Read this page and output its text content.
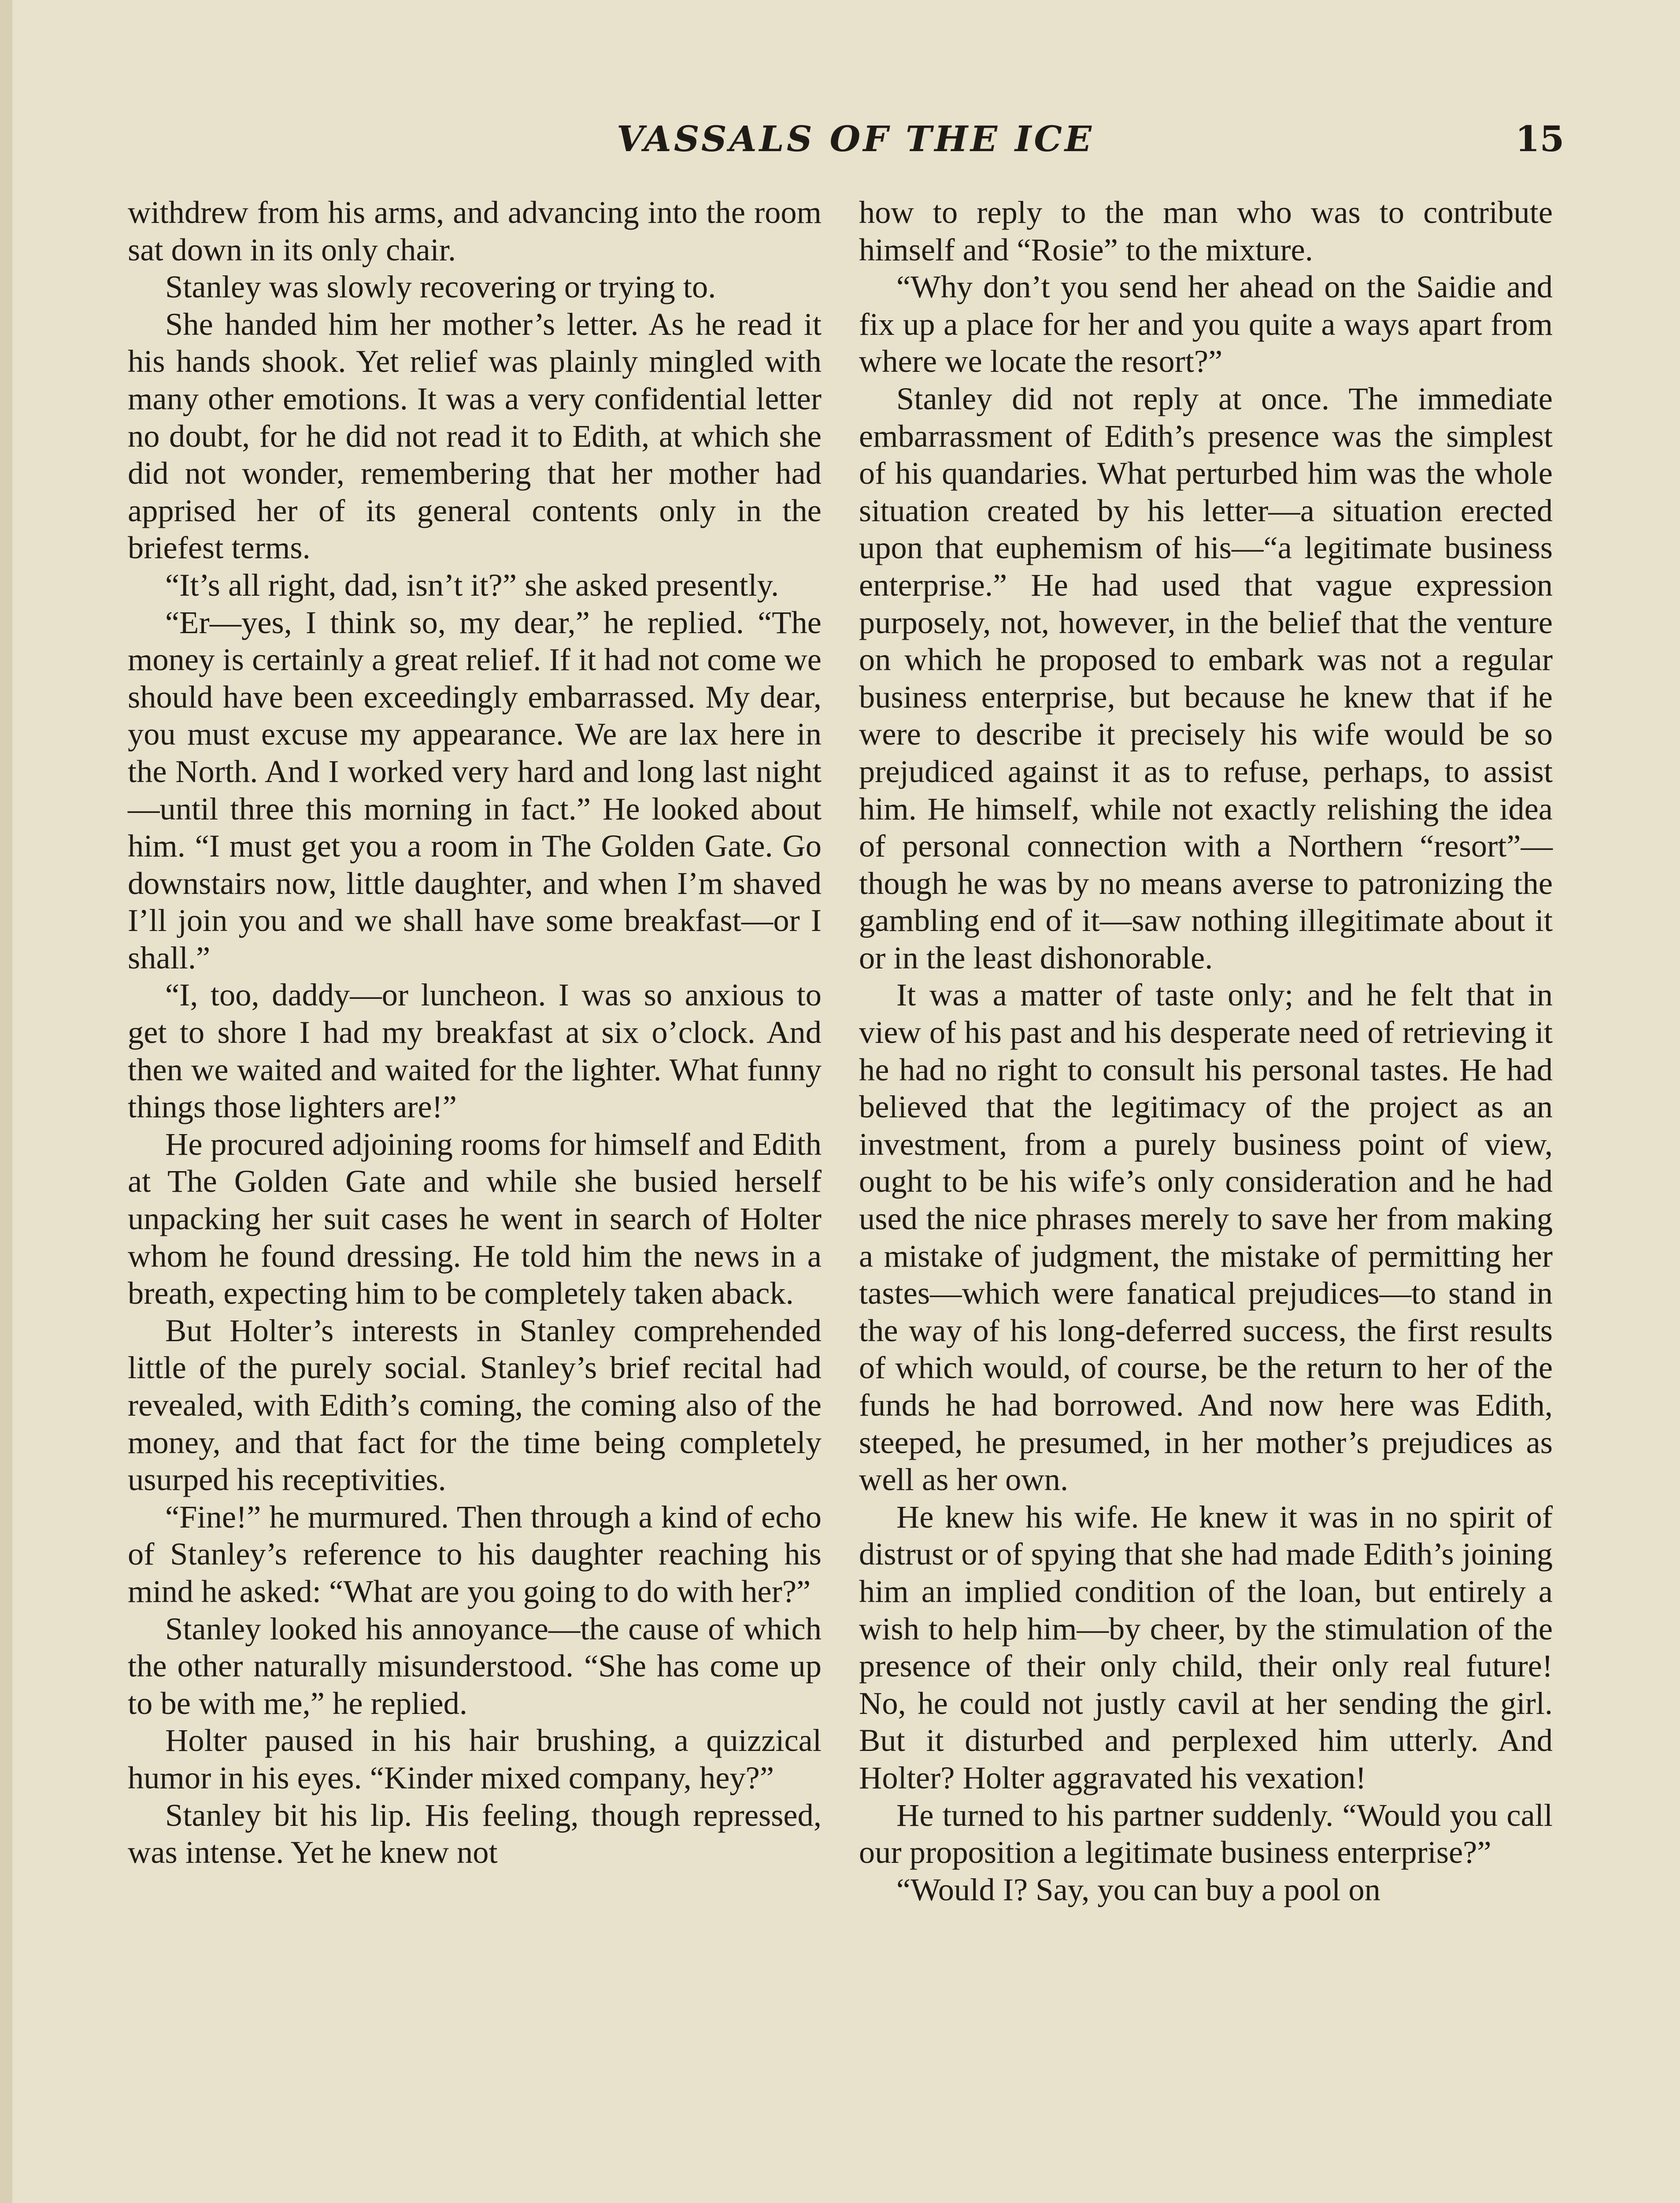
VASSALS OF THE ICE	15

withdrew from his arms, and advancing into the room sat down in its only chair.

Stanley was slowly recovering or trying to.

She handed him her mother’s letter. As he read it his hands shook. Yet relief was plainly mingled with many other emotions. It was a very confidential letter no doubt, for he did not read it to Edith, at which she did not wonder, remembering that her mother had apprised her of its general contents only in the briefest terms.

“It’s all right, dad, isn’t it?” she asked presently.

“Er—yes, I think so, my dear,” he replied. “The money is certainly a great relief. If it had not come we should have been exceedingly embarrassed. My dear, you must excuse my appearance. We are lax here in the North. And I worked very hard and long last night—until three this morning in fact.” He looked about him. “I must get you a room in The Golden Gate. Go downstairs now, little daughter, and when I’m shaved I’ll join you and we shall have some breakfast—or I shall.”

“I, too, daddy—or luncheon. I was so anxious to get to shore I had my breakfast at six o’clock. And then we waited and waited for the lighter. What funny things those lighters are!”

He procured adjoining rooms for himself and Edith at The Golden Gate and while she busied herself unpacking her suit cases he went in search of Holter whom he found dressing. He told him the news in a breath, expecting him to be completely taken aback.

But Holter’s interests in Stanley comprehended little of the purely social. Stanley’s brief recital had revealed, with Edith’s coming, the coming also of the money, and that fact for the time being completely usurped his receptivities.

“Fine!” he murmured. Then through a kind of echo of Stanley’s reference to his daughter reaching his mind he asked: “What are you going to do with her?”

Stanley looked his annoyance—the cause of which the other naturally misunderstood. “She has come up to be with me,” he replied.

Holter paused in his hair brushing, a quizzical humor in his eyes. “Kinder mixed company, hey?”

Stanley bit his lip. His feeling, though repressed, was intense. Yet he knew not

how to reply to the man who was to contribute himself and “Rosie” to the mixture.

“Why don’t you send her ahead on the Saidie and fix up a place for her and you quite a ways apart from where we locate the resort?”

Stanley did not reply at once. The immediate embarrassment of Edith’s presence was the simplest of his quandaries. What perturbed him was the whole situation created by his letter—a situation erected upon that euphemism of his—“a legitimate business enterprise.” He had used that vague expression purposely, not, however, in the belief that the venture on which he proposed to embark was not a regular business enterprise, but because he knew that if he were to describe it precisely his wife would be so prejudiced against it as to refuse, perhaps, to assist him. He himself, while not exactly relishing the idea of personal connection with a Northern “resort”—though he was by no means averse to patronizing the gambling end of it—saw nothing illegitimate about it or in the least dishonorable.

It was a matter of taste only; and he felt that in view of his past and his desperate need of retrieving it he had no right to consult his personal tastes. He had believed that the legitimacy of the project as an investment, from a purely business point of view, ought to be his wife’s only consideration and he had used the nice phrases merely to save her from making a mistake of judgment, the mistake of permitting her tastes—which were fanatical prejudices—to stand in the way of his long-deferred success, the first results of which would, of course, be the return to her of the funds he had borrowed. And now here was Edith, steeped, he presumed, in her mother’s prejudices as well as her own.

He knew his wife. He knew it was in no spirit of distrust or of spying that she had made Edith’s joining him an implied condition of the loan, but entirely a wish to help him—by cheer, by the stimulation of the presence of their only child, their only real future! No, he could not justly cavil at her sending the girl. But it disturbed and perplexed him utterly. And Holter? Holter aggravated his vexation!

He turned to his partner suddenly. “Would you call our proposition a legitimate business enterprise?”

“Would I? Say, you can buy a pool on
